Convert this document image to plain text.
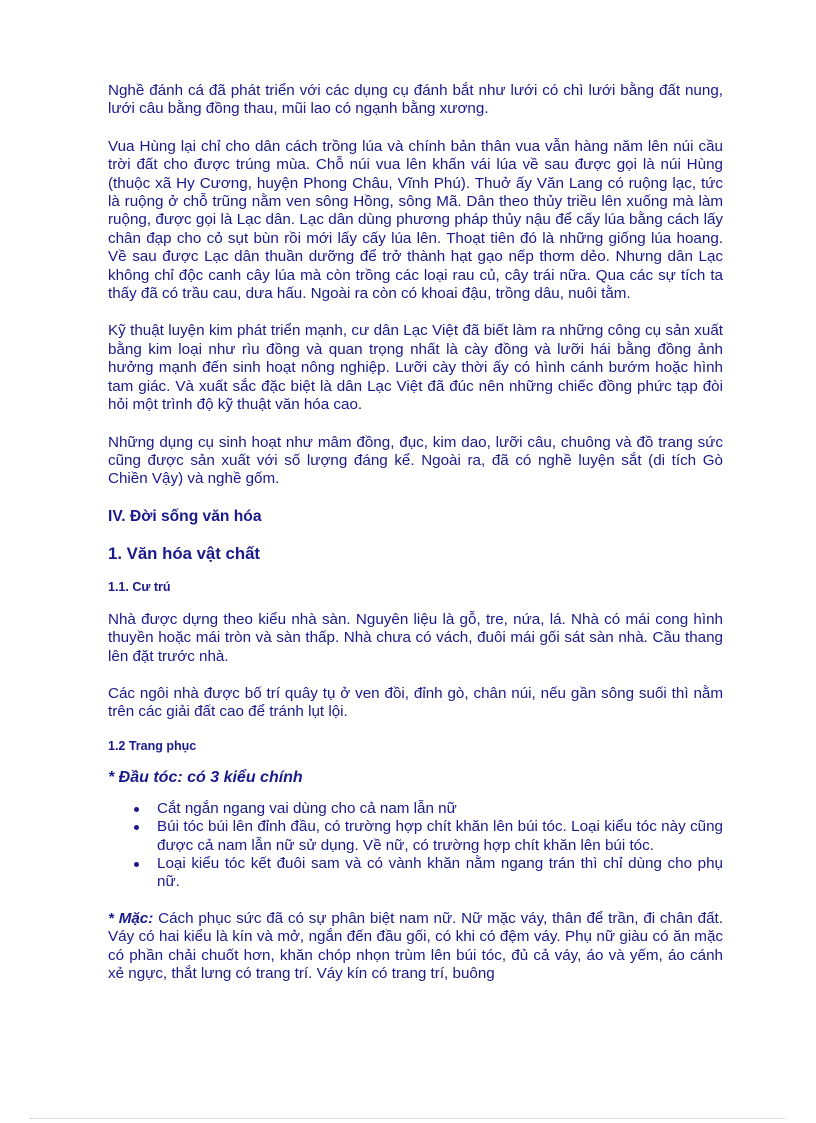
Nghề đánh cá đã phát triển với các dụng cụ đánh bắt như lưới có chì lưới bằng đất nung, lưới câu bằng đồng thau, mũi lao có ngạnh bằng xương.

Vua Hùng lại chỉ cho dân cách trồng lúa và chính bản thân vua vẫn hàng năm lên núi cầu trời đất cho được trúng mùa. Chỗ núi vua lên khấn vái lúa về sau được gọi là núi Hùng (thuộc xã Hy Cương, huyện Phong Châu, Vĩnh Phú). Thuở ấy Văn Lang có ruộng lạc, tức là ruộng ở chỗ trũng nằm ven sông Hồng, sông Mã. Dân theo thủy triều lên xuống mà làm ruộng, được gọi là Lạc dân. Lạc dân dùng phương pháp thủy nậu để cấy lúa bằng cách lấy chân đạp cho cỏ sụt bùn rồi mới lấy cấy lúa lên. Thoạt tiên đó là những giống lúa hoang. Về sau được Lạc dân thuần dưỡng để trở thành hạt gạo nếp thơm dẻo. Nhưng dân Lạc không chỉ độc canh cây lúa mà còn trồng các loại rau củ, cây trái nữa. Qua các sự tích ta thấy đã có trầu cau, dưa hấu. Ngoài ra còn có khoai đậu, trồng dâu, nuôi tằm.

Kỹ thuật luyện kim phát triển mạnh, cư dân Lạc Việt đã biết làm ra những công cụ sản xuất bằng kim loại như rìu đồng và quan trọng nhất là cày đồng và lưỡi hái bằng đồng ảnh hưởng mạnh đến sinh hoạt nông nghiệp. Lưỡi cày thời ấy có hình cánh bướm hoặc hình tam giác. Và xuất sắc đặc biệt là dân Lạc Việt đã đúc nên những chiếc đồng phức tạp đòi hỏi một trình độ kỹ thuật văn hóa cao.

Những dụng cụ sinh hoạt như mâm đồng, đục, kim dao, lưỡi câu, chuông và đồ trang sức cũng được sản xuất với số lượng đáng kể. Ngoài ra, đã có nghề luyện sắt (di tích Gò Chiền Vậy) và nghề gốm.

IV. Đời sống văn hóa
1. Văn hóa vật chất
1.1. Cư trú

Nhà được dựng theo kiểu nhà sàn. Nguyên liệu là gỗ, tre, nứa, lá. Nhà có mái cong hình thuyền hoặc mái tròn và sàn thấp. Nhà chưa có vách, đuôi mái gối sát sàn nhà. Cầu thang lên đặt trước nhà.

Các ngôi nhà được bố trí quây tụ ở ven đồi, đỉnh gò, chân núi, nếu gần sông suối thì nằm trên các giải đất cao để tránh lụt lội.

1.2 Trang phục
* Đầu tóc: có 3 kiểu chính
Cắt ngắn ngang vai dùng cho cả nam lẫn nữ
Búi tóc búi lên đỉnh đầu, có trường hợp chít khăn lên búi tóc. Loại kiểu tóc này cũng được cả nam lẫn nữ sử dụng. Về nữ, có trường hợp chít khăn lên búi tóc.
Loại kiểu tóc kết đuôi sam và có vành khăn nằm ngang trán thì chỉ dùng cho phụ nữ.

* Mặc: Cách phục sức đã có sự phân biệt nam nữ. Nữ mặc váy, thân để trần, đi chân đất. Váy có hai kiểu là kín và mở, ngắn đến đầu gối, có khi có đệm váy. Phụ nữ giàu có ăn mặc có phần chải chuốt hơn, khăn chóp nhọn trùm lên búi tóc, đủ cả váy, áo và yếm, áo cánh xẻ ngực, thắt lưng có trang trí. Váy kín có trang trí, buông
